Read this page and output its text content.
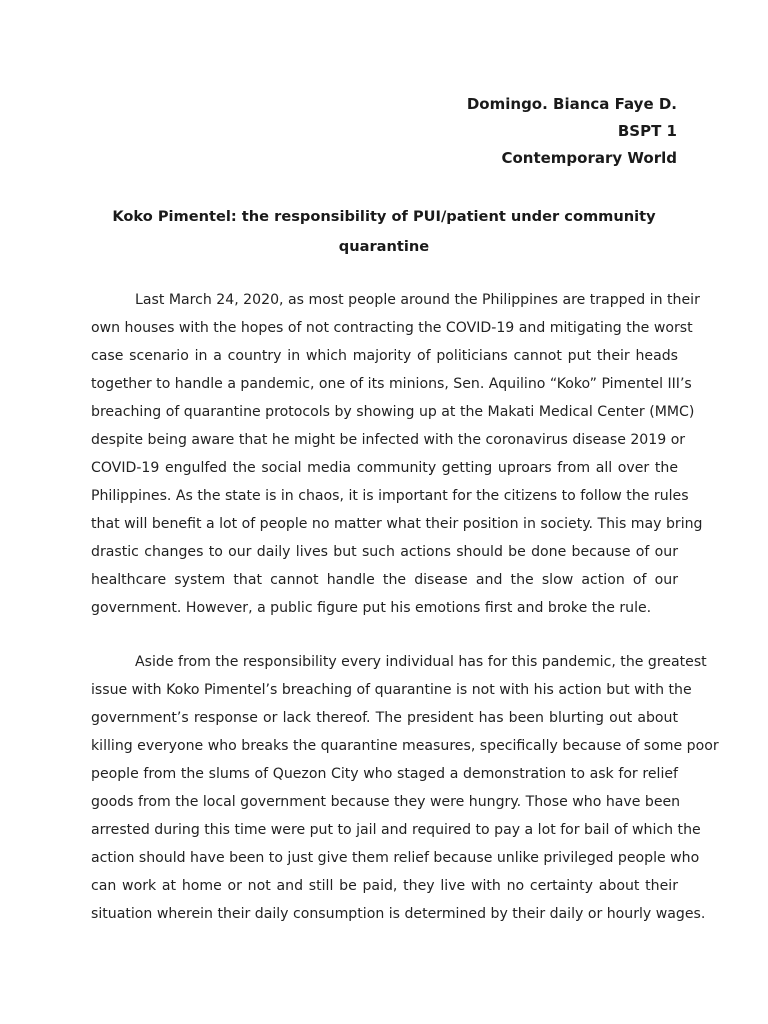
Domingo. Bianca Faye D.
BSPT 1
Contemporary World
Koko Pimentel: the responsibility of PUI/patient under community
quarantine
Last March 24, 2020, as most people around the Philippines are trapped in their
own houses with the hopes of not contracting the COVID-19 and mitigating the worst
case scenario in a country in which majority of politicians cannot put their heads
together to handle a pandemic, one of its minions, Sen. Aquilino “Koko” Pimentel III’s
breaching of quarantine protocols by showing up at the Makati Medical Center (MMC)
despite being aware that he might be infected with the coronavirus disease 2019 or
COVID-19 engulfed the social media community getting uproars from all over the
Philippines. As the state is in chaos, it is important for the citizens to follow the rules
that will benefit a lot of people no matter what their position in society. This may bring
drastic changes to our daily lives but such actions should be done because of our
healthcare system that cannot handle the disease and the slow action of our
government. However, a public figure put his emotions first and broke the rule.
Aside from the responsibility every individual has for this pandemic, the greatest
issue with Koko Pimentel’s breaching of quarantine is not with his action but with the
government’s response or lack thereof. The president has been blurting out about
killing everyone who breaks the quarantine measures, specifically because of some poor
people from the slums of Quezon City who staged a demonstration to ask for relief
goods from the local government because they were hungry. Those who have been
arrested during this time were put to jail and required to pay a lot for bail of which the
action should have been to just give them relief because unlike privileged people who
can work at home or not and still be paid, they live with no certainty about their
situation wherein their daily consumption is determined by their daily or hourly wages.
